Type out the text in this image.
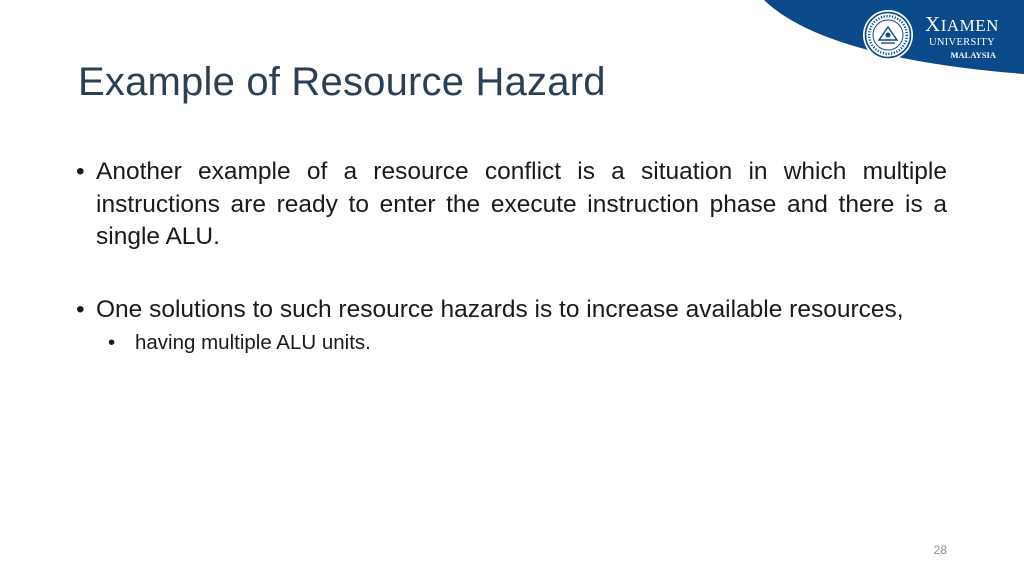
XIAMEN
UNIVERSITY
MALAYSIA
Example of Resource Hazard
• Another example of a resource conflict is a situation in which multiple instructions are ready to enter the execute instruction phase and there is a single ALU.
• One solutions to such resource hazards is to increase available resources,
• having multiple ALU units.
28
